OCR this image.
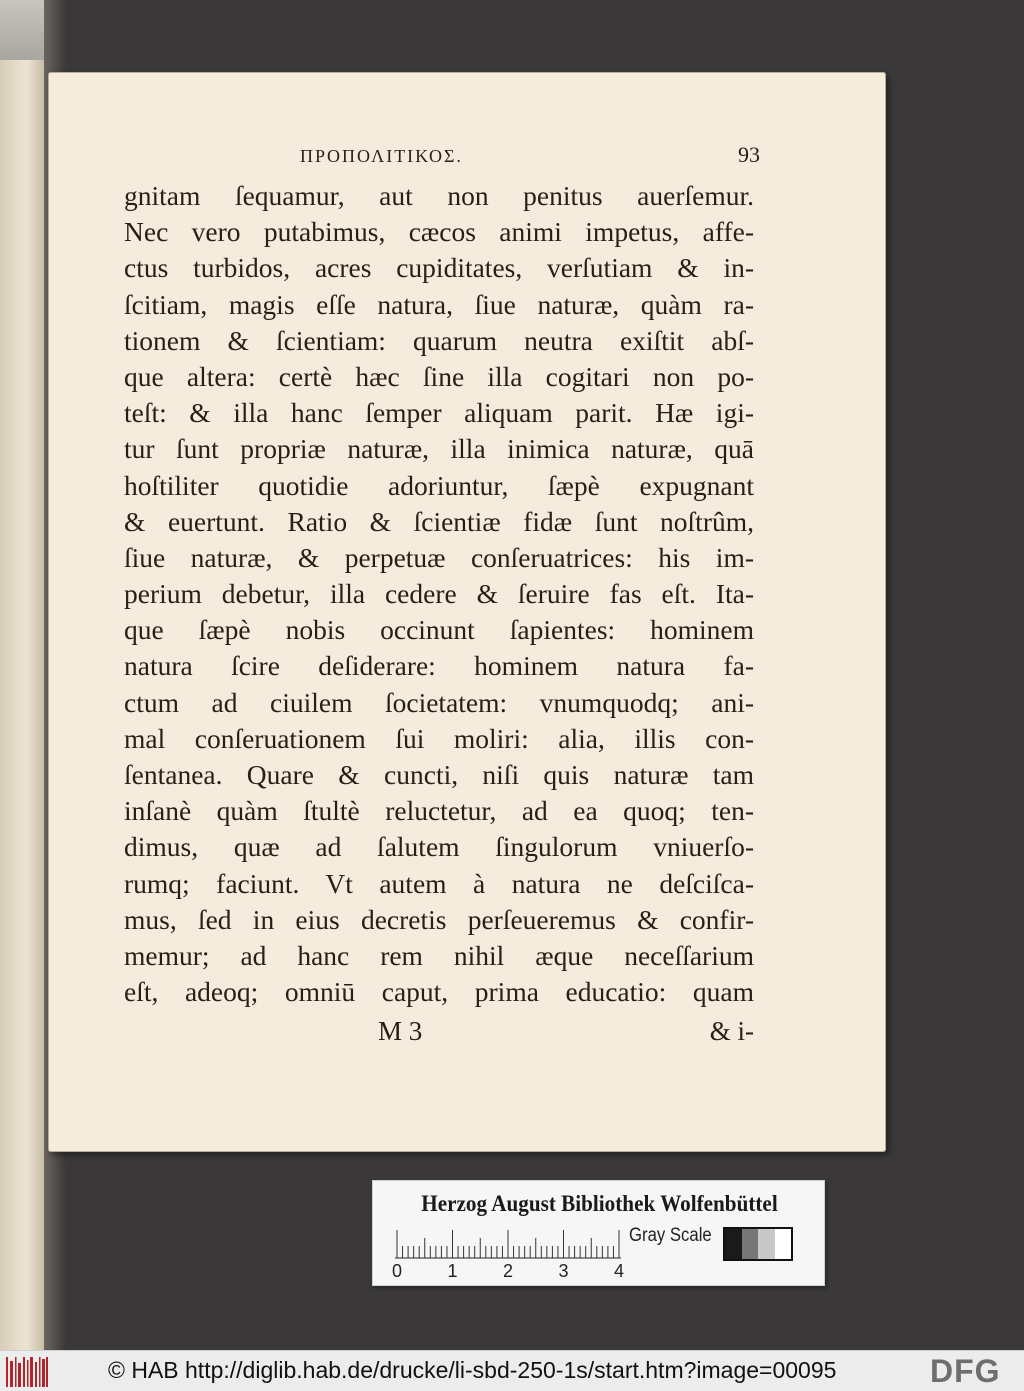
ΠΡΟΠΟΛΙΤΙΚΟΣ.	93
gnitam ſequamur, aut non penitus auerſemur.
Nec vero putabimus, cæcos animi impetus, affe-
ctus turbidos, acres cupiditates, verſutiam & in-
ſcitiam, magis eſſe natura, ſiue naturæ, quàm ra-
tionem & ſcientiam: quarum neutra exiſtit abſ-
que altera: certè hæc ſine illa cogitari non po-
teſt: & illa hanc ſemper aliquam parit. Hæ igi-
tur ſunt propriæ naturæ, illa inimica naturæ, quā
hoſtiliter quotidie adoriuntur, ſæpè expugnant
& euertunt. Ratio & ſcientiæ fidæ ſunt noſtrûm,
ſiue naturæ, & perpetuæ conſeruatrices: his im-
perium debetur, illa cedere & ſeruire fas eſt. Ita-
que ſæpè nobis occinunt ſapientes: hominem
natura ſcire deſiderare: hominem natura fa-
ctum ad ciuilem ſocietatem: vnumquodq; ani-
mal conſeruationem ſui moliri: alia, illis con-
ſentanea. Quare & cuncti, niſi quis naturæ tam
inſanè quàm ſtultè reluctetur, ad ea quoq; ten-
dimus, quæ ad ſalutem ſingulorum vniuerſo-
rumq; faciunt. Vt autem à natura ne deſciſca-
mus, ſed in eius decretis perſeueremus & confir-
memur; ad hanc rem nihil æque neceſſarium
eſt, adeoq; omniū caput, prima educatio: quam
M 3	& i-
Herzog August Bibliothek Wolfenbüttel
0	1	2	3	4
Gray Scale
© HAB http://diglib.hab.de/drucke/li-sbd-250-1s/start.htm?image=00095	DFG
